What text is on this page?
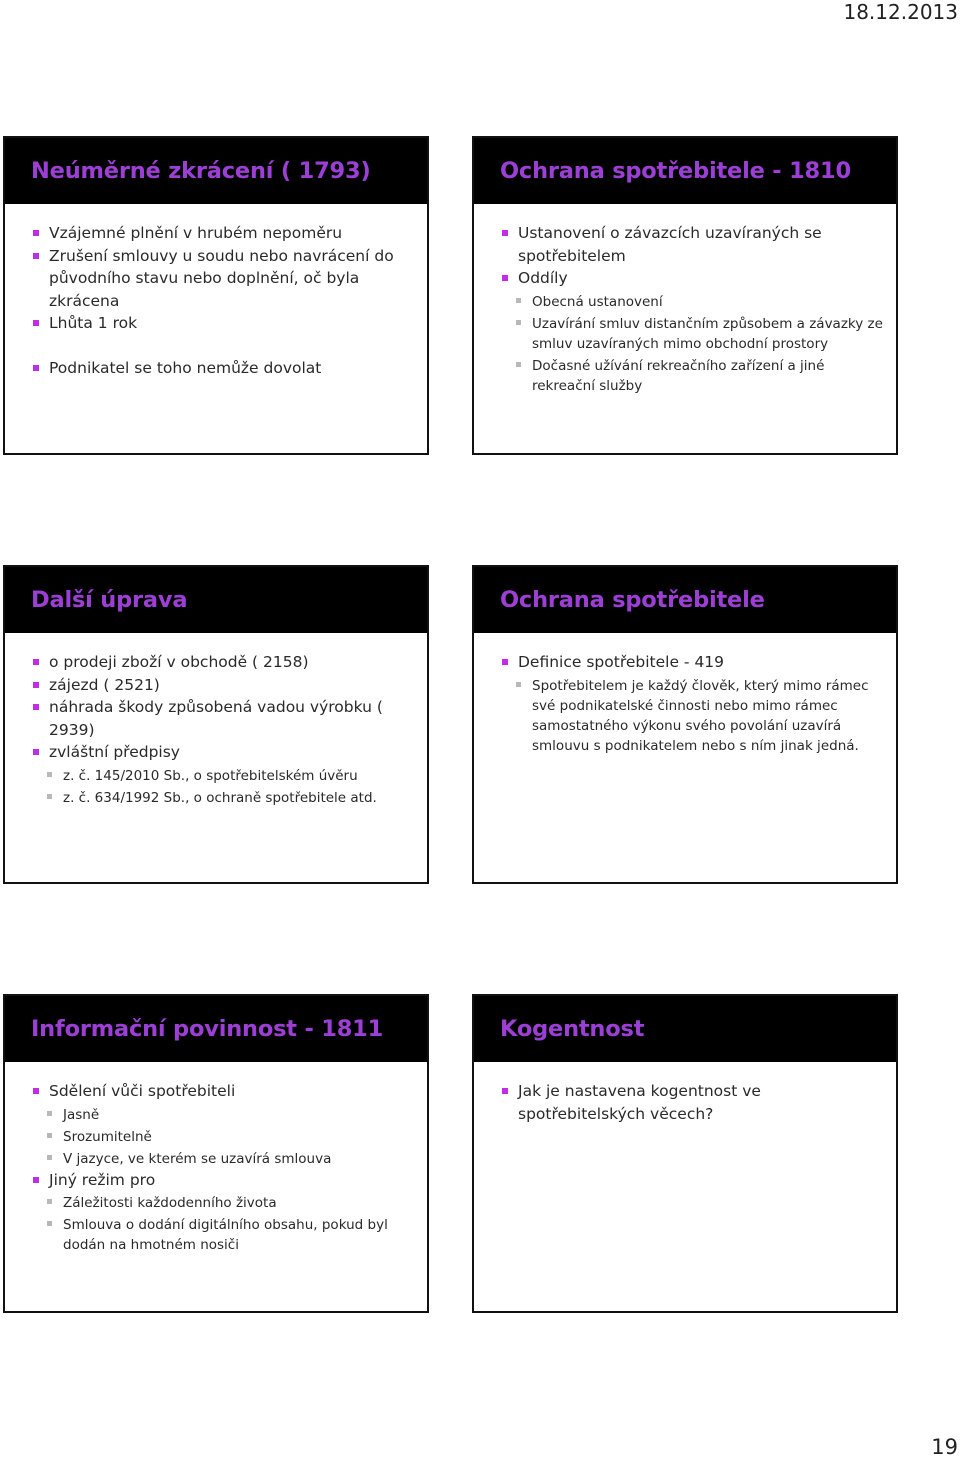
18.12.2013
Neúměrné zkrácení ( 1793)
Vzájemné plnění v hrubém nepoměru
Zrušení smlouvy u soudu nebo navrácení do původního stavu nebo doplnění, oč byla zkrácena
Lhůta 1 rok
Podnikatel se toho nemůže dovolat
Ochrana spotřebitele - 1810
Ustanovení o závazcích uzavíraných se spotřebitelem
Oddíly
Obecná ustanovení
Uzavírání smluv distančním způsobem a závazky ze smluv uzavíraných mimo obchodní prostory
Dočasné užívání rekreačního zařízení a jiné rekreační služby
Další úprava
o prodeji zboží v obchodě ( 2158)
zájezd ( 2521)
náhrada škody způsobená vadou výrobku ( 2939)
zvláštní předpisy
z. č. 145/2010 Sb., o spotřebitelském úvěru
z. č. 634/1992 Sb., o ochraně spotřebitele atd.
Ochrana spotřebitele
Definice spotřebitele - 419
Spotřebitelem je každý člověk, který mimo rámec své podnikatelské činnosti nebo mimo rámec samostatného výkonu svého povolání uzavírá smlouvu s podnikatelem nebo s ním jinak jedná.
Informační povinnost - 1811
Sdělení vůči spotřebiteli
Jasně
Srozumitelně
V jazyce, ve kterém se uzavírá smlouva
Jiný režim pro
Záležitosti každodenního života
Smlouva o dodání digitálního obsahu, pokud byl dodán na hmotném nosiči
Kogentnost
Jak je nastavena kogentnost ve spotřebitelských věcech?
19
